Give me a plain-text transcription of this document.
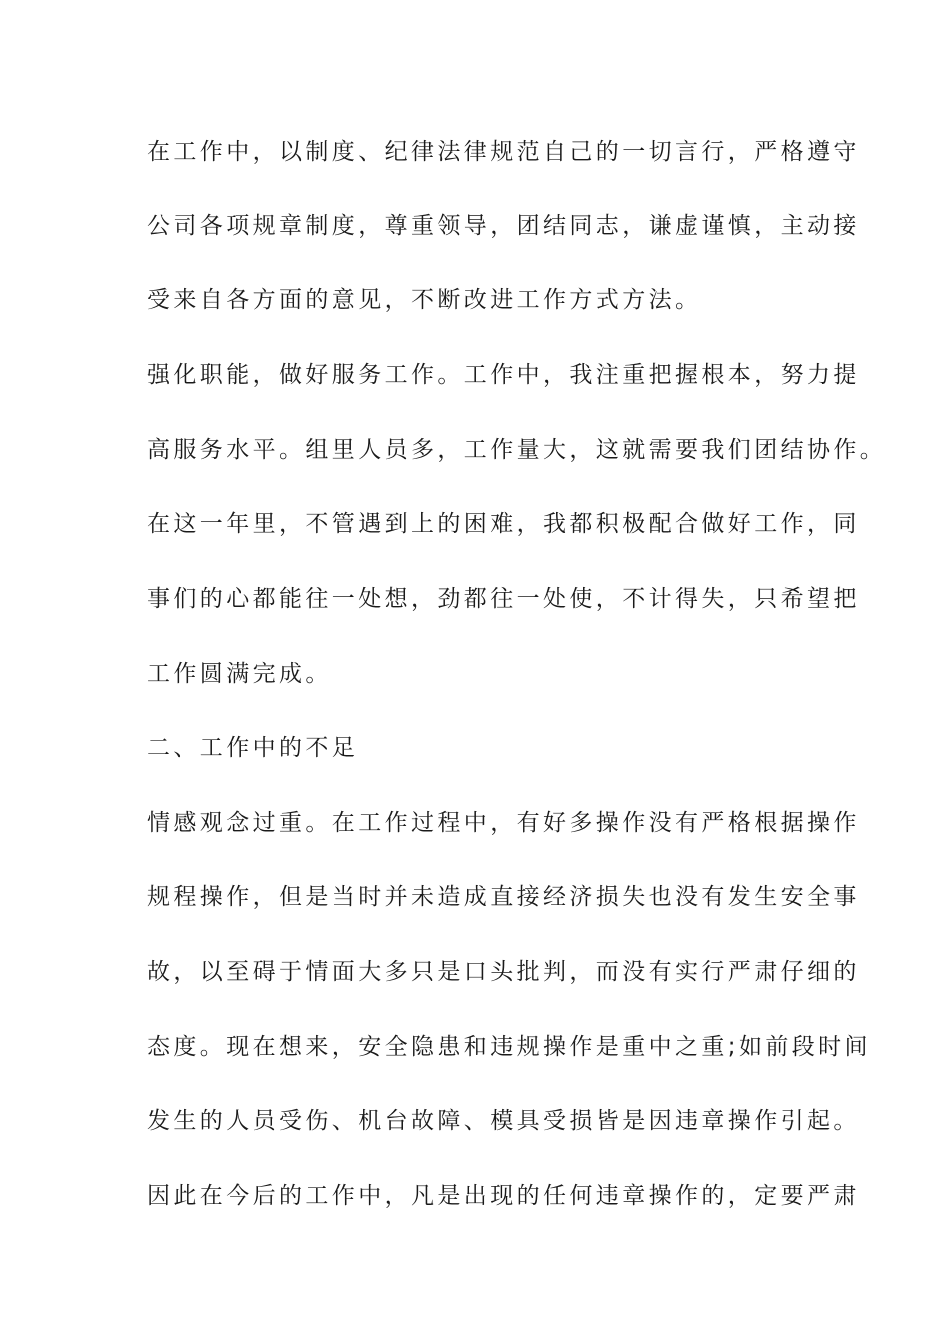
在工作中，以制度、纪律法律规范自己的一切言行，严格遵守
公司各项规章制度，尊重领导，团结同志，谦虚谨慎，主动接
受来自各方面的意见，不断改进工作方式方法。
强化职能，做好服务工作。工作中，我注重把握根本，努力提
高服务水平。组里人员多，工作量大，这就需要我们团结协作。
在这一年里，不管遇到上的困难，我都积极配合做好工作，同
事们的心都能往一处想，劲都往一处使，不计得失，只希望把
工作圆满完成。
二、工作中的不足
情感观念过重。在工作过程中，有好多操作没有严格根据操作
规程操作，但是当时并未造成直接经济损失也没有发生安全事
故，以至碍于情面大多只是口头批判，而没有实行严肃仔细的
态度。现在想来，安全隐患和违规操作是重中之重;如前段时间
发生的人员受伤、机台故障、模具受损皆是因违章操作引起。
因此在今后的工作中，凡是出现的任何违章操作的，定要严肃
